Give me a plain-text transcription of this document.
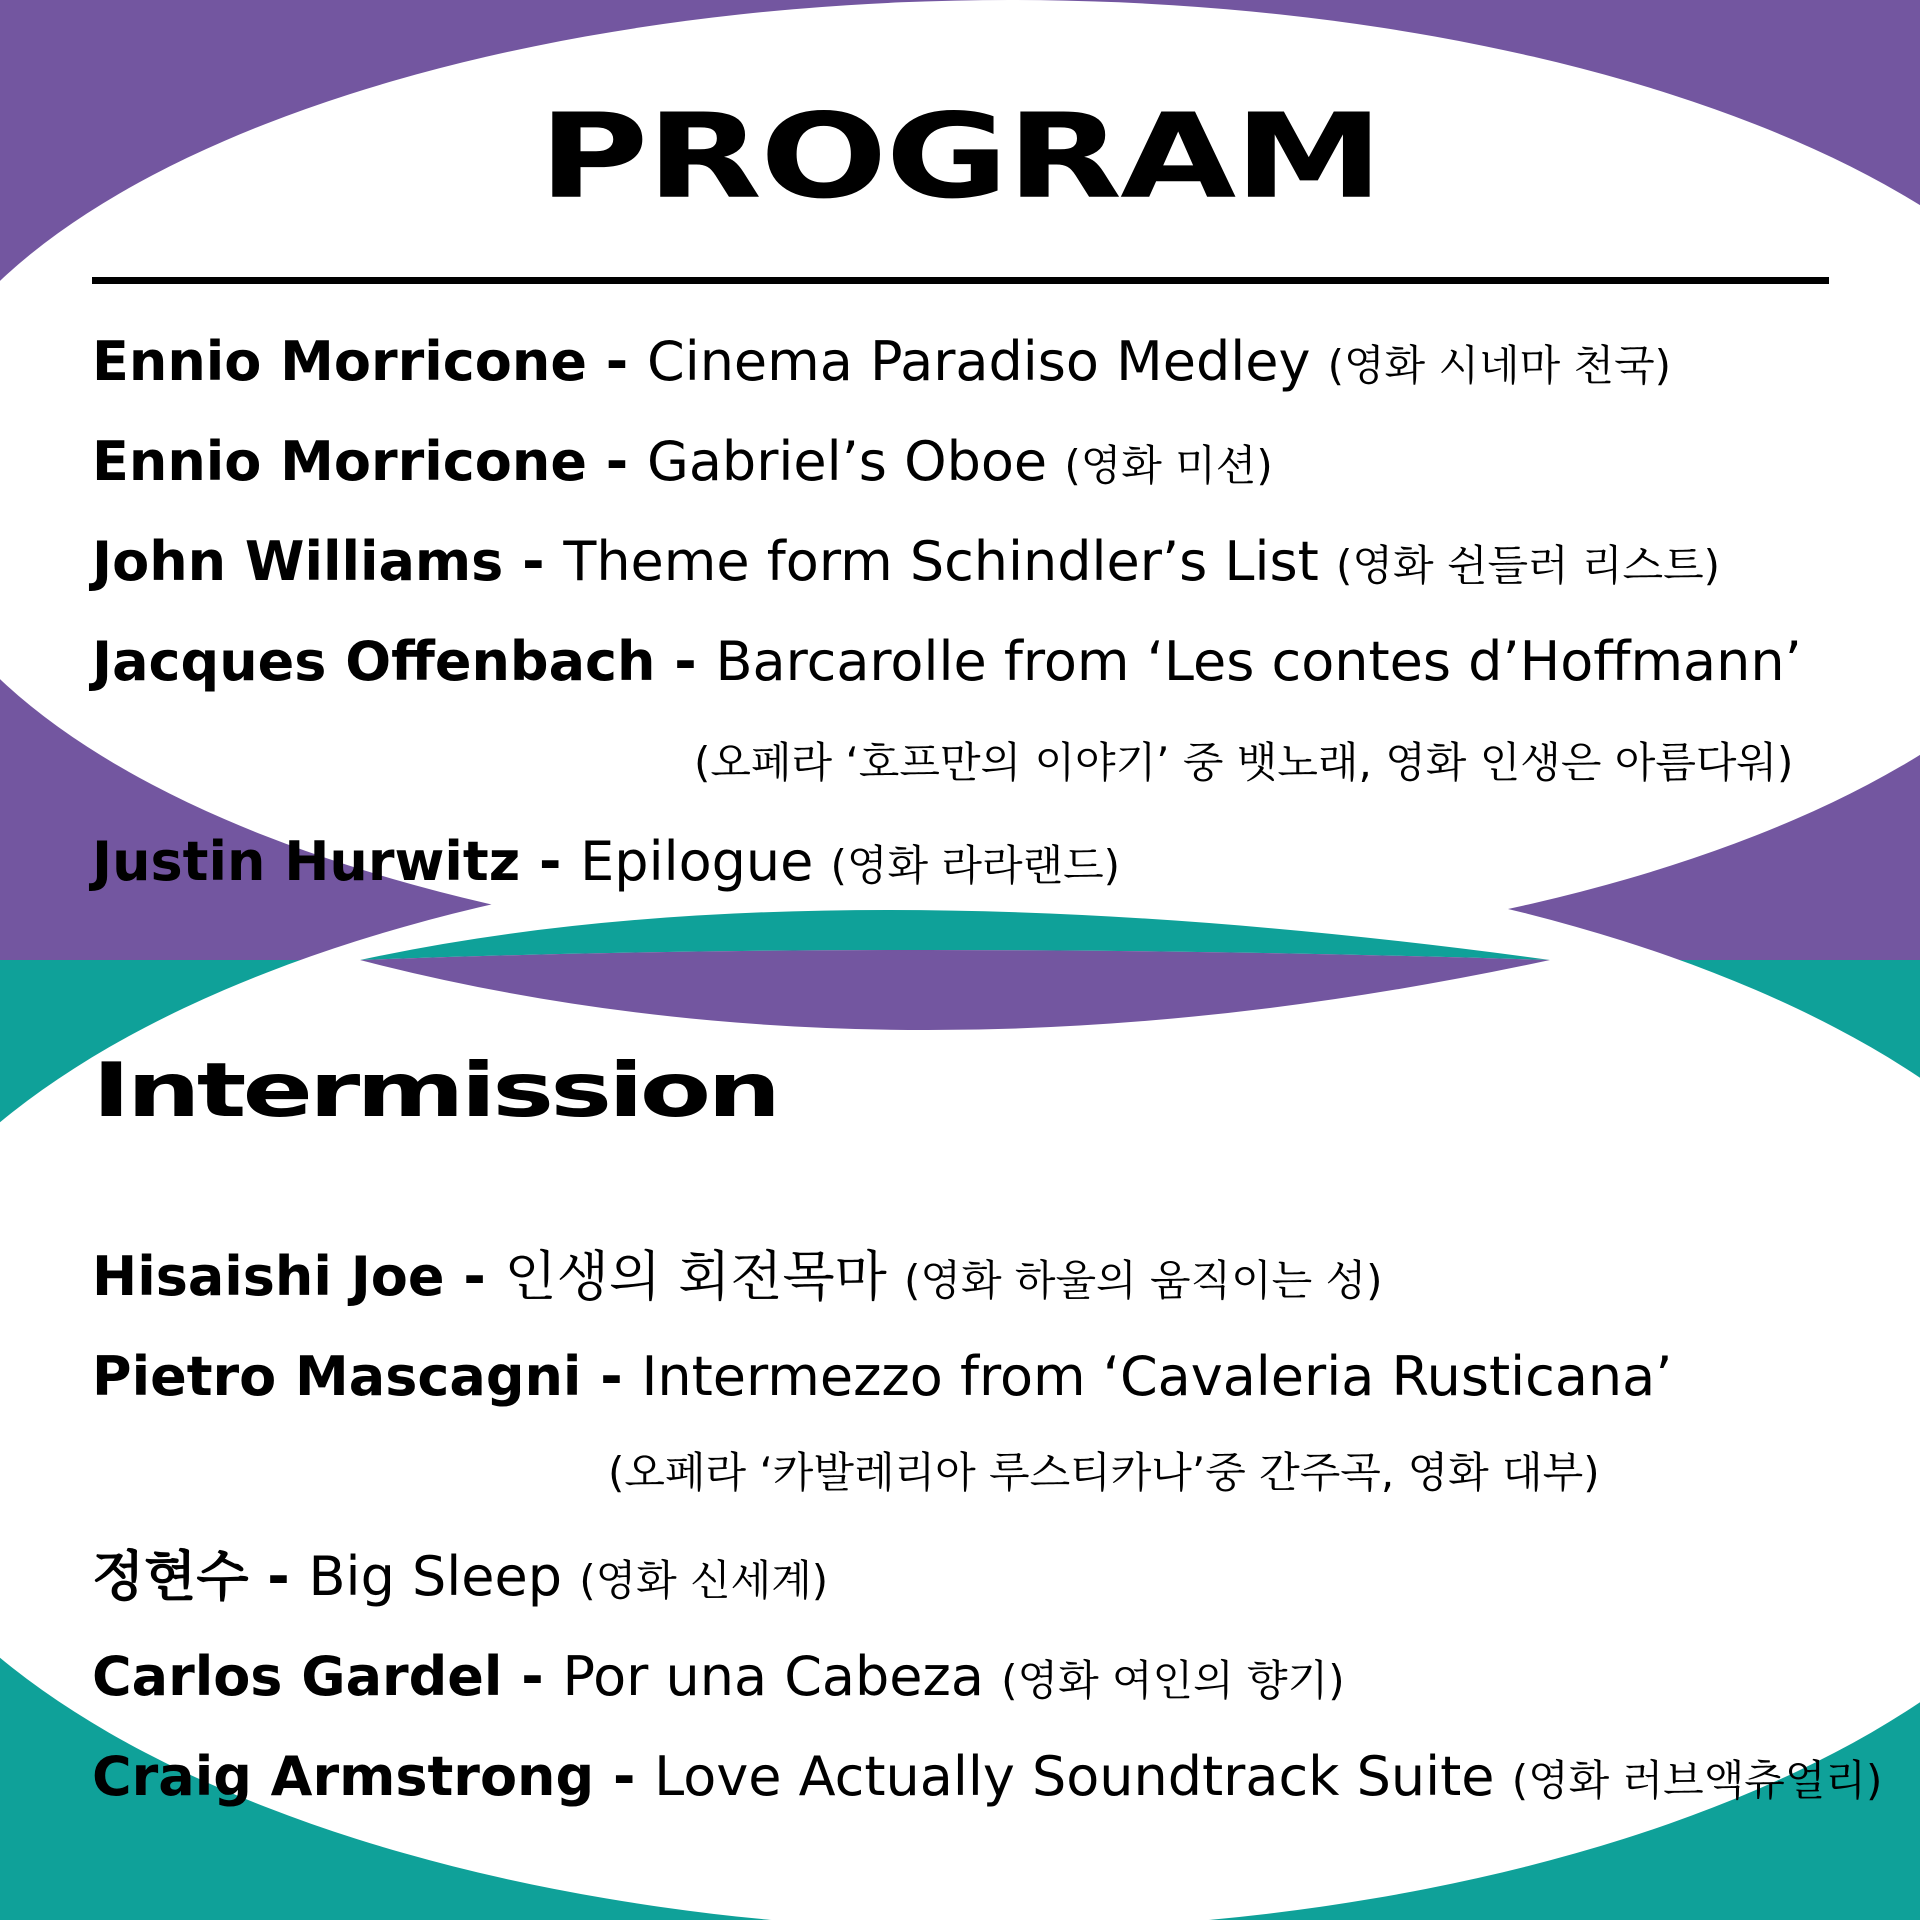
PROGRAM
Ennio Morricone - Cinema Paradiso Medley (영화 시네마 천국)
Ennio Morricone - Gabriel’s Oboe (영화 미션)
John Williams - Theme form Schindler’s List (영화 쉰들러 리스트)
Jacques Offenbach - Barcarolle from ‘Les contes d’Hoffmann’
(오페라 ‘호프만의 이야기’ 중 뱃노래, 영화 인생은 아름다워)
Justin Hurwitz - Epilogue (영화 라라랜드)
Intermission
Hisaishi Joe - 인생의 회전목마 (영화 하울의 움직이는 성)
Pietro Mascagni - Intermezzo from ‘Cavaleria Rusticana’
(오페라 ‘카발레리아 루스티카나’중 간주곡, 영화 대부)
정현수 - Big Sleep (영화 신세계)
Carlos Gardel - Por una Cabeza (영화 여인의 향기)
Craig Armstrong - Love Actually Soundtrack Suite (영화 러브액츄얼리)
